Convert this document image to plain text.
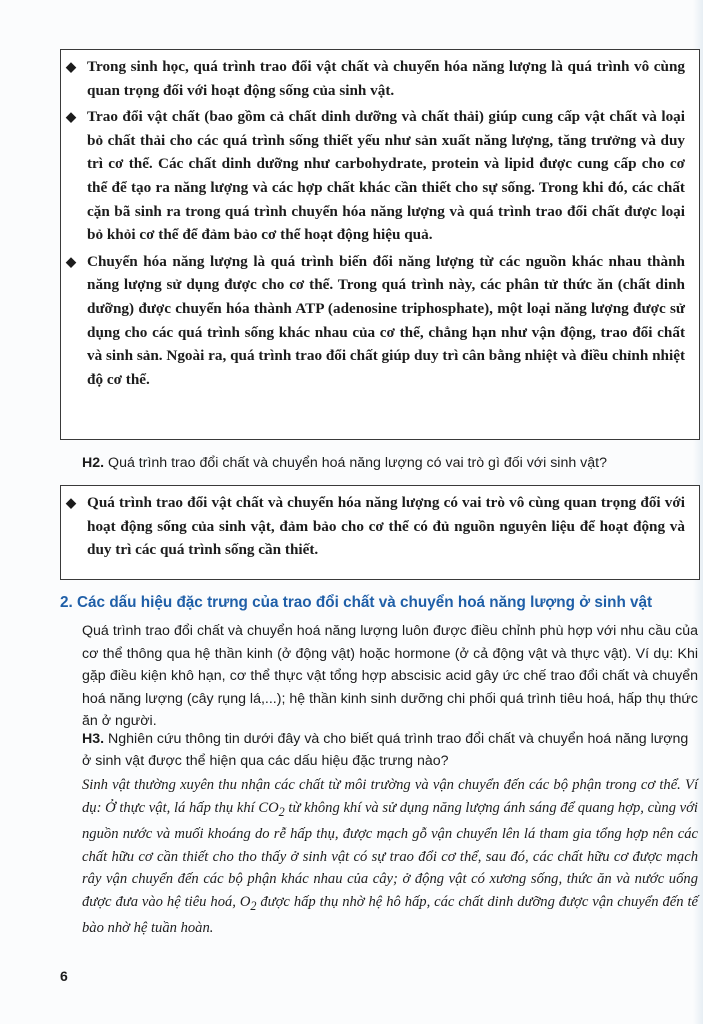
◆ Trong sinh học, quá trình trao đổi vật chất và chuyển hóa năng lượng là quá trình vô cùng quan trọng đối với hoạt động sống của sinh vật.
◆ Trao đổi vật chất (bao gồm cả chất dinh dưỡng và chất thải) giúp cung cấp vật chất và loại bỏ chất thải cho các quá trình sống thiết yếu như sản xuất năng lượng, tăng trưởng và duy trì cơ thể. Các chất dinh dưỡng như carbohydrate, protein và lipid được cung cấp cho cơ thể để tạo ra năng lượng và các hợp chất khác cần thiết cho sự sống. Trong khi đó, các chất cặn bã sinh ra trong quá trình chuyển hóa năng lượng và quá trình trao đổi chất được loại bỏ khỏi cơ thể để đảm bảo cơ thể hoạt động hiệu quả.
◆ Chuyển hóa năng lượng là quá trình biến đổi năng lượng từ các nguồn khác nhau thành năng lượng sử dụng được cho cơ thể. Trong quá trình này, các phân tử thức ăn (chất dinh dưỡng) được chuyển hóa thành ATP (adenosine triphosphate), một loại năng lượng được sử dụng cho các quá trình sống khác nhau của cơ thể, chẳng hạn như vận động, trao đổi chất và sinh sản. Ngoài ra, quá trình trao đổi chất giúp duy trì cân bằng nhiệt và điều chỉnh nhiệt độ cơ thể.
H2. Quá trình trao đổi chất và chuyển hoá năng lượng có vai trò gì đối với sinh vật?
◆ Quá trình trao đổi vật chất và chuyển hóa năng lượng có vai trò vô cùng quan trọng đối với hoạt động sống của sinh vật, đảm bảo cho cơ thể có đủ nguồn nguyên liệu để hoạt động và duy trì các quá trình sống cần thiết.
2. Các dấu hiệu đặc trưng của trao đổi chất và chuyển hoá năng lượng ở sinh vật
Quá trình trao đổi chất và chuyển hoá năng lượng luôn được điều chỉnh phù hợp với nhu cầu của cơ thể thông qua hệ thần kinh (ở động vật) hoặc hormone (ở cả động vật và thực vật). Ví dụ: Khi gặp điều kiện khô hạn, cơ thể thực vật tổng hợp abscisic acid gây ức chế trao đổi chất và chuyển hoá năng lượng (cây rụng lá,...); hệ thần kinh sinh dưỡng chi phối quá trình tiêu hoá, hấp thụ thức ăn ở người.
H3. Nghiên cứu thông tin dưới đây và cho biết quá trình trao đổi chất và chuyển hoá năng lượng ở sinh vật được thể hiện qua các dấu hiệu đặc trưng nào?
Sinh vật thường xuyên thu nhận các chất từ môi trường và vận chuyển đến các bộ phận trong cơ thể. Ví dụ: Ở thực vật, lá hấp thụ khí $CO_2$ từ không khí và sử dụng năng lượng ánh sáng để quang hợp, cùng với nguồn nước và muối khoáng do rễ hấp thụ, được mạch gỗ vận chuyển lên lá tham gia tổng hợp nên các chất hữu cơ cần thiết cho tho thấy ở sinh vật có sự trao đổi cơ thể, sau đó, các chất hữu cơ được mạch rây vận chuyển đến các bộ phận khác nhau của cây; ở động vật có xương sống, thức ăn và nước uống được đưa vào hệ tiêu hoá, $O_2$ được hấp thụ nhờ hệ hô hấp, các chất dinh dưỡng được vận chuyển đến tế bào nhờ hệ tuần hoàn.
6
